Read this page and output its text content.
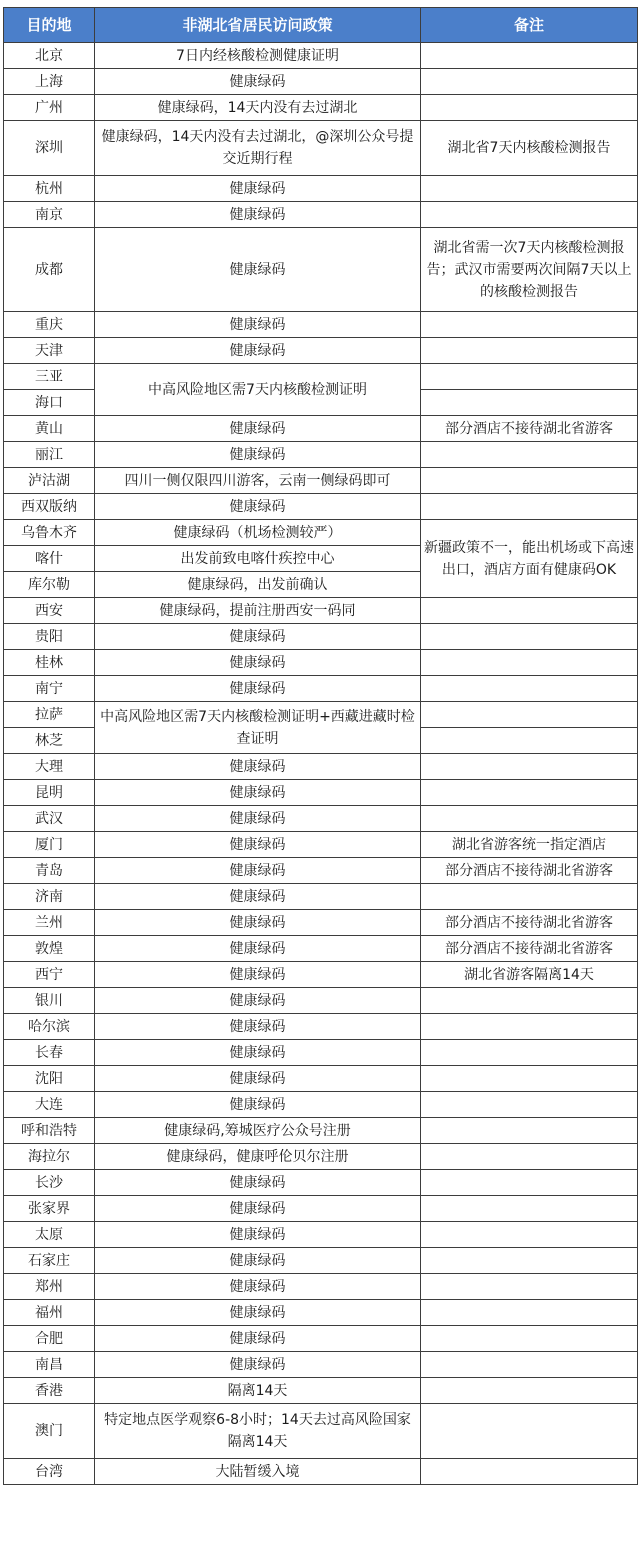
目的地	非湖北省居民访问政策	备注
北京	7日内经核酸检测健康证明	
上海	健康绿码	
广州	健康绿码，14天内没有去过湖北	
深圳	健康绿码，14天内没有去过湖北，@深圳公众号提交近期行程	湖北省7天内核酸检测报告
杭州	健康绿码	
南京	健康绿码	
成都	健康绿码	湖北省需一次7天内核酸检测报告；武汉市需要两次间隔7天以上的核酸检测报告
重庆	健康绿码	
天津	健康绿码	
三亚	中高风险地区需7天内核酸检测证明	
海口		
黄山	健康绿码	部分酒店不接待湖北省游客
丽江	健康绿码	
泸沽湖	四川一侧仅限四川游客，云南一侧绿码即可	
西双版纳	健康绿码	
乌鲁木齐	健康绿码（机场检测较严）	新疆政策不一，能出机场或下高速出口，酒店方面有健康码OK
喀什	出发前致电喀什疾控中心	
库尔勒	健康绿码，出发前确认	
西安	健康绿码，提前注册西安一码同	
贵阳	健康绿码	
桂林	健康绿码	
南宁	健康绿码	
拉萨	中高风险地区需7天内核酸检测证明+西藏进藏时检查证明	
林芝		
大理	健康绿码	
昆明	健康绿码	
武汉	健康绿码	
厦门	健康绿码	湖北省游客统一指定酒店
青岛	健康绿码	部分酒店不接待湖北省游客
济南	健康绿码	
兰州	健康绿码	部分酒店不接待湖北省游客
敦煌	健康绿码	部分酒店不接待湖北省游客
西宁	健康绿码	湖北省游客隔离14天
银川	健康绿码	
哈尔滨	健康绿码	
长春	健康绿码	
沈阳	健康绿码	
大连	健康绿码	
呼和浩特	健康绿码,筹城医疗公众号注册	
海拉尔	健康绿码，健康呼伦贝尔注册	
长沙	健康绿码	
张家界	健康绿码	
太原	健康绿码	
石家庄	健康绿码	
郑州	健康绿码	
福州	健康绿码	
合肥	健康绿码	
南昌	健康绿码	
香港	隔离14天	
澳门	特定地点医学观察6-8小时；14天去过高风险国家隔离14天	
台湾	大陆暂缓入境	
